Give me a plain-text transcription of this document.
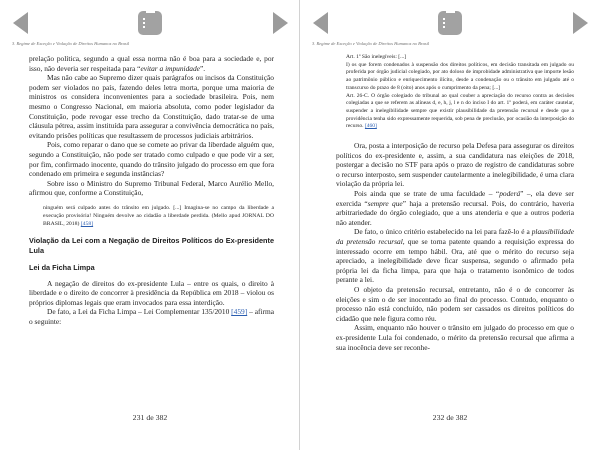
3. Regime de Exceção e Violação de Direitos Humanos no Brasil

prelação política, segundo a qual essa norma não é boa para a sociedade e, por isso, não deveria ser respeitada para “evitar a impunidade”.

Mas não cabe ao Supremo dizer quais parágrafos ou incisos da Constituição podem ser violados no país, fazendo deles letra morta, porque uma maioria de ministros os considera inconvenientes para a sociedade brasileira. Pois, nem mesmo o Congresso Nacional, em maioria absoluta, como poder legislador da Constituição, pode revogar esse trecho da Constituição, dado tratar-se de uma cláusula pétrea, assim instituída para assegurar a convivência democrática no país, evitando prisões políticas que resultassem de processos judiciais arbitrários.

Pois, como reparar o dano que se comete ao privar da liberdade alguém que, segundo a Constituição, não pode ser tratado como culpado e que pode vir a ser, por fim, confirmado inocente, quando do trânsito julgado do processo em que fora condenado em primeira e segunda instâncias?

Sobre isso o Ministro do Supremo Tribunal Federal, Marco Aurélio Mello, afirmou que, conforme a Constituição,

ninguém será culpado antes do trânsito em julgado. [...] Imagina-se no campo da liberdade a execução provisória! Ninguém devolve ao cidadão a liberdade perdida. (Mello apud JORNAL DO BRASIL, 2018) [458]

Violação da Lei com a Negação de Direitos Políticos do Ex-presidente Lula

Lei da Ficha Limpa

A negação de direitos do ex-presidente Lula – entre os quais, o direito à liberdade e o direito de concorrer à presidência da República em 2018 – violou os próprios diplomas legais que eram invocados para essa interdição.

De fato, a Lei da Ficha Limpa – Lei Complementar 135/2010 [459] – afirma o seguinte:

231 de 382
3. Regime de Exceção e Violação de Direitos Humanos no Brasil

Art. 1º São inelegíveis: [...]

I) os que forem condenados à suspensão dos direitos políticos, em decisão transitada em julgado ou proferida por órgão judicial colegiado, por ato doloso de improbidade administrativa que importe lesão ao patrimônio público e enriquecimento ilícito, desde a condenação ou o trânsito em julgado até o transcurso do prazo de 8 (oito) anos após o cumprimento da pena; [...]

Art. 26-C. O órgão colegiado do tribunal ao qual couber a apreciação do recurso contra as decisões colegiadas a que se referem as alíneas d, e, h, j, l e n do inciso I do art. 1º poderá, em caráter cautelar, suspender a inelegibilidade sempre que existir plausibilidade da pretensão recursal e desde que a providência tenha sido expressamente requerida, sob pena de preclusão, por ocasião da interposição do recurso. [460]

Ora, posta a interposição de recurso pela Defesa para assegurar os direitos políticos do ex-presidente e, assim, a sua candidatura nas eleições de 2018, postergar a decisão no STF para após o prazo de registro de candidaturas sobre o recurso interposto, sem suspender cautelarmente a inelegibilidade, é uma clara violação da própria lei.

Pois ainda que se trate de uma faculdade – “poderá” –, ela deve ser exercida “sempre que” haja a pretensão recursal. Pois, do contrário, haveria arbitrariedade do órgão colegiado, que a uns atenderia e que a outros poderia não atender.

De fato, o único critério estabelecido na lei para fazê-lo é a plausibilidade da pretensão recursal, que se torna patente quando a requisição expressa do interessado ocorre em tempo hábil. Ora, até que o mérito do recurso seja apreciado, a inelegibilidade deve ficar suspensa, segundo o afirmado pela própria lei da ficha limpa, para que haja o tratamento isonômico de todos perante a lei.

O objeto da pretensão recursal, entretanto, não é o de concorrer às eleições e sim o de ser inocentado ao final do processo. Contudo, enquanto o processo não está concluído, não podem ser cassados os direitos políticos do cidadão que nele figura como réu.

Assim, enquanto não houver o trânsito em julgado do processo em que o ex-presidente Lula foi condenado, o mérito da pretensão recursal que afirma a sua inocência deve ser reconhe-

232 de 382
